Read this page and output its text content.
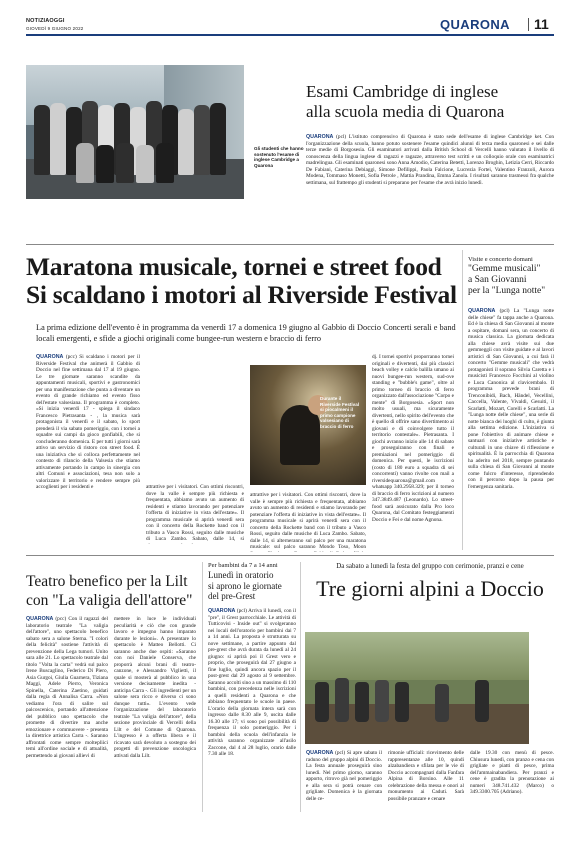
NOTIZIAOGGI
GIOVEDÌ 9 GIUGNO 2022	QUARONA 11
Gli studenti che hanno sostenuto l'esame di inglese Cambridge a Quarona
Esami Cambridge di inglese
alla scuola media di Quarona
QUARONA (pcl) L'istituto comprensivo di Quarona è stato sede dell'esame di inglese Cambridge ket. Con l'organizzazione della scuola, hanno potuto sostenere l'esame quindici alunni di terza media quaronesi e sei dalle terze medie di Borgosesia. Gli esaminatori arrivati dalla British School di Vercelli hanno valutato il livello di conoscenza della lingua inglese di ragazzi e ragazze, attraverso test scritti e un colloquio orale con esaminatrici madrelingua. Gli esaminati quaronesi sono Anna Amodio, Caterina Betetti, Lorenzo Broghin, Letizia Cerri, Riccardo De Fabiani, Caterina Debiaggi, Simone Defilippi, Paola Falcione, Lucrezia Fortei, Valentino Franzoli, Aurora Modena, Tommaso Monetti, Sofia Petrole , Mattia Prandina, Emma Zanola. I risultati saranno trasmessi fra qualche settimana, sul frattempo gli studenti si preparano per l'esame che avrà inizio lunedì.
Maratona musicale, tornei e street food
Si scaldano i motori al Riverside Festival
La prima edizione dell'evento è in programma da venerdì 17 a domenica 19 giugno al Gabbio di Doccio Concerti serali e band locali emergenti, e sfide a giochi originali come bungee-run western e braccio di ferro
QUARONA (pcc) Si scaldano i motori per il Riverside Festival che animerà il Gabbio di Doccio nel fine settimana dal 17 al 19 giugno. Le tre giornate saranno scandite da appuntamenti musicali, sportivi e gastronomici per una manifestazione che punta a diventare un evento di grande richiamo ed evento fisso dell'estate valsesiana. Il programma è completo. «Si inizia venerdì 17 - spiega il sindaco Francesco Pietrasanta - , la musica sarà protagonista il venerdì e il sabato, lo sport prenderà il via sabato pomeriggio, con i tornei a squadre sui campi da gioco gonfiabili, che si concluderanno domenica. E per tutti i giorni sarà attivo un servizio di ristoro con street food. È una iniziativa che si colloca perfettamente nel contesto di rilancio della Valsesia che stiamo attivamente portando in campo in sinergia con altri Comuni e associazioni, tesa non solo a valorizzare il territorio e rendere sempre più accoglienti per i residenti e	attrattive per i visitatori. Con ottimi riscontri, dove la valle è sempre più richiesta e frequentata, abbiamo avuto un aumento di residenti e stiamo lavorando per potenziare l'offerta di iniziative in vista dell'estate». Il programma musicale si aprirà venerdì sera con il concerto della Rockette band con il tributo a Vasco Rossi, seguito dalle musiche di Luca Zambo. Sabato, dalle 14, si
Durante il Riverside Festival si piocalmeni il primo campione valsesiano di braccio di ferro
attrattive per i visitatori. Con ottimi riscontri, dove la valle è sempre più richiesta e frequentata, abbiamo avuto un aumento di residenti e stiamo lavorando per potenziare l'offerta di iniziative in vista dell'estate». Il programma musicale si aprirà venerdì sera con il concerto della Rockette band con il tributo a Vasco Rossi, seguito dalle musiche di Luca Zambo. Sabato, dalle 14, si alterneranno sul palco per una maratona musicale: sul palco saranno Mondo Toso, Moon
dj. I tornei sportivi proporranno tornei originali e divertenti, dai più classici beach volley e calcio balilla umano ai nuovi bungee-run western, sud-ove standing e "bubble's game", oltre al primo torneo di braccio di ferro organizzato dall'associazione "Corpo e mente" di Borgosesia. «Sport non molto usuali, ma sicuramente divertenti, nello spirito dell'evento che è quello di offrire sano divertimento ai giovani e di coinvolgere tutto il territorio contestale». Pietrasanta. I giochi avranno inizio alle 14 di sabato e proseguiranno con finali e premiazioni nel pomeriggio di domenica. Per questi, le iscrizioni (costo di 180 euro a squadra di sei concorrenti) vanno rivolte con mail a riversidequarona@gmail.com o whatsapp 340.2958.329; per il torneo di braccio di ferro iscrizioni al numero 347.3849.487 (Leonardo). Lo street-food sarà assicurato dalla Pro loco Quarona, dal Comitato festeggiamenti Doccio e Fei e dal nome Agnona.
Visite e concerto domani
"Gemme musicali"
a San Giovanni
per la "Lunga notte"
QUARONA (pcl) La "Lunga notte delle chiese" fa tappa anche a Quarona. Ed è la chiesa di San Giovanni al monte a ospitare, domani sera, un concerto di musica classica. La giornata dedicata alla chiese avrà visite sui due gemmeggii con visite guidate e al lavori artistici di San Giovanni, a cui farà il concerto "Gemme musicali" che vedrà protagonisti il soprano Silvia Caretta e i musicisti Francesco Focchini al violino e Luca Canonica al clavicembalo. Il programma prevede brani di Trenconibidi, Bach, Händel, Vecellini, Caccella, Valente, Vivaldi, Gesuiti, il Scarlatti, Mozart, Corelli e Scarlatti. La "Lunga notte delle chiese", una serie di notte bianca dei luoghi di culto, è giunta alla settima edizione. L'iniziativa si pone l'obiettivo di animare chiese e santuari con iniziative artistiche e culturali in uno chiave di riflessione e spiritualità. È la parrocchia di Quarona ha aderito nel 2018, sempre puntando sulla chiesa di San Giovanni al monte come fulcro d'interesse, riprendendo con il percorso dopo la pausa per l'emergenza sanitaria.
Teatro benefico per la Lilt
con "La valigia dell'attore"
QUARONA (pcc) Con il ragazzi del laboratorio teatrale "La valigia dell'attore", uno spettacolo benefico sabato sera a salone Sterna. "I colori della felicità" sostiene l'attività di prevenzione della Lega tumori. Unito sara alle 21. Lo spettacolo teatrale dal titolo "Volta la carta" vedrà sul palco Irene Buscaglino, Federico Di Piero, Asia Gurgoi, Giulia Guarnera, Tiziana Maggi, Adele Pierro, Veronica Spinella, Caterina Zaetino, guidati dalla regia di Annalisa Carra. «Non vediamo l'ora di salire sul palcoscenico, portando all'attenzione del pubblico uno spettacolo che promette di divertire ma anche emozionare e commuovere - presenta la direttrice artistica Carra -. Saranno affrontati come sempre moltepliici temi all'ordine sociale e di attualità, permettendo ai giovani allievi di
mettere in luce le individuali peculiarità e ciò che con grande lavoro e impegno hanno imparato durante le lezioni». A presentare lo spettacolo è Matteo Bellotti. Ci saranno anche due ospiti: «Saranno con noi Daniele Conserva, che proporrà alcuni brani di teatro-canzone, e Alessandro Viglietti, il quale si mosterà al pubblico in una versione decisamente inedita - anticipa Carra -. Gli ingredienti per un salone sera ricco e diverso ci sono dunque tutti». L'evento vede l'organizzazione del laboratorio teatrale "La valigia dell'attore", della sezione provinciale di Vercelli della Lilt e del Comune di Quarona. L'ingresso è a offerta libera e il ricavato sarà devoluto a sostegno dei progetti di prevenzione oncologica attivati dalla Lilt.
Per bambini da 7 a 14 anni
Lunedì in oratorio
si aprono le giornate
del pre-Grest
QUARONA (pcl) Arriva il lunedì, con il "pre", il Grest parrocchiale. Le attività di Tutticovisi - Inside out" si svolgeranno nei locali dell'oratorio per bambini dai 7 a 14 anni. La proposta è strutturata su nove settimane, a partire appunto dal pre-grest che avrà durata da lunedì al 24 giugno: si aprirà poi il Grest vero e proprio, che proseguirà dal 27 giugno a fine luglio, quindi ancora spazio per il post-grest dal 29 agosto al 9 settembre. Saranno accolti sino a un massimo di 110 bambini, con precedenza nelle iscrizioni a quelli residenti a Quarona e che abbiano frequentato le scuole in paese. L'orario della giornata intera sarà con ingresso dalle 8.30 alle 9, uscita dalle 16.30 alle 17; vi sono poi possibilità di frequenza il solo pomeriggio. Per i bambini della scuola dell'infanzia le attività saranno organizzate all'asilo Zaccone, dal 4 al 28 luglio, orario dalle 7.30 alle 18.
Da sabato a lunedì la festa del gruppo con cerimonie, pranzi e cene
Tre giorni alpini a Doccio
QUARONA (pcl) Si apre sabato il raduno del gruppo alpini di Doccio. La festa annuale proseguirà sino lunedì. Nel primo giorno, saranno apporto, ritrovo già nel pomeriggio e alla sera si potrà cenare con grigliate. Domenica è la giornata delle ce-
rimonie ufficiali: ricevimento delle rappresentanze alle 10, quindi alzabandiera e sfilata per le vie di Doccio accompagnati dalla Fanfara Alpina di Borsino. Alle 11 celebrazione della messa e onori al monumento ai Caduti. Sarà possibile pranzare e cenare
dalle 19.30 con menù di pesce. Chiusura lunedì, con pranzo e cena con grigliate e piatti di pesce, prima dell'ammainabandiera. Per pranzi e cene è gradita la prenotazione ai numeri 348.741.432 (Marco) o 349.3300.705 (Adriano).
